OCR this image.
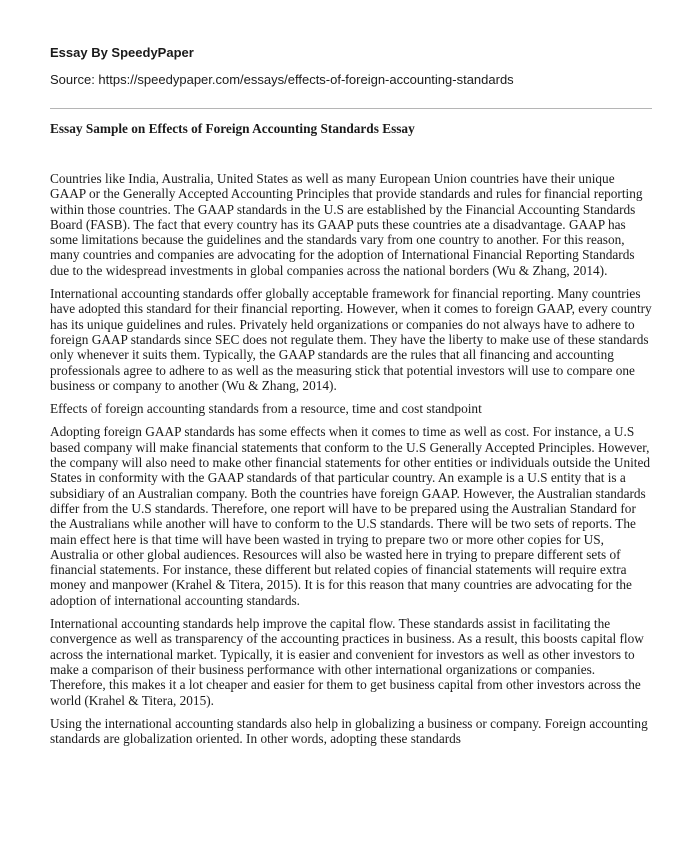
Essay By SpeedyPaper

Source: https://speedypaper.com/essays/effects-of-foreign-accounting-standards

Essay Sample on Effects of Foreign Accounting Standards Essay

Countries like India, Australia, United States as well as many European Union countries have their unique GAAP or the Generally Accepted Accounting Principles that provide standards and rules for financial reporting within those countries. The GAAP standards in the U.S are established by the Financial Accounting Standards Board (FASB). The fact that every country has its GAAP puts these countries ate a disadvantage. GAAP has some limitations because the guidelines and the standards vary from one country to another. For this reason, many countries and companies are advocating for the adoption of International Financial Reporting Standards due to the widespread investments in global companies across the national borders (Wu & Zhang, 2014).

International accounting standards offer globally acceptable framework for financial reporting. Many countries have adopted this standard for their financial reporting. However, when it comes to foreign GAAP, every country has its unique guidelines and rules. Privately held organizations or companies do not always have to adhere to foreign GAAP standards since SEC does not regulate them. They have the liberty to make use of these standards only whenever it suits them. Typically, the GAAP standards are the rules that all financing and accounting professionals agree to adhere to as well as the measuring stick that potential investors will use to compare one business or company to another (Wu & Zhang, 2014).

Effects of foreign accounting standards from a resource, time and cost standpoint

Adopting foreign GAAP standards has some effects when it comes to time as well as cost. For instance, a U.S based company will make financial statements that conform to the U.S Generally Accepted Principles. However, the company will also need to make other financial statements for other entities or individuals outside the United States in conformity with the GAAP standards of that particular country. An example is a U.S entity that is a subsidiary of an Australian company. Both the countries have foreign GAAP. However, the Australian standards differ from the U.S standards. Therefore, one report will have to be prepared using the Australian Standard for the Australians while another will have to conform to the U.S standards. There will be two sets of reports. The main effect here is that time will have been wasted in trying to prepare two or more other copies for US, Australia or other global audiences. Resources will also be wasted here in trying to prepare different sets of financial statements. For instance, these different but related copies of financial statements will require extra money and manpower (Krahel & Titera, 2015). It is for this reason that many countries are advocating for the adoption of international accounting standards.

International accounting standards help improve the capital flow. These standards assist in facilitating the convergence as well as transparency of the accounting practices in business. As a result, this boosts capital flow across the international market. Typically, it is easier and convenient for investors as well as other investors to make a comparison of their business performance with other international organizations or companies. Therefore, this makes it a lot cheaper and easier for them to get business capital from other investors across the world (Krahel & Titera, 2015).

Using the international accounting standards also help in globalizing a business or company. Foreign accounting standards are globalization oriented. In other words, adopting these standards
